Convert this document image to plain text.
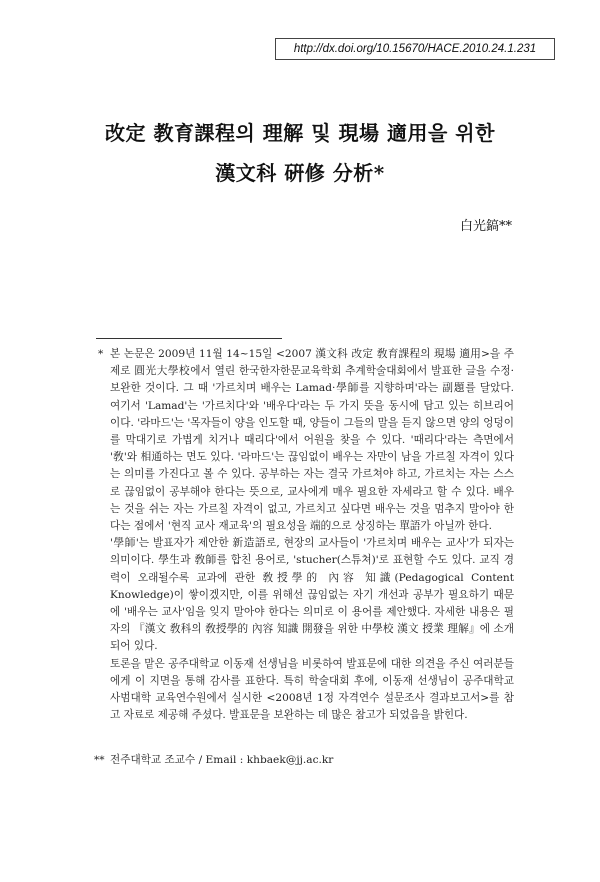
http://dx.doi.org/10.15670/HACE.2010.24.1.231
改定 教育課程의 理解 및 現場 適用을 위한
漢文科 硏修 分析*
白光鎬**
* 본 논문은 2009년 11월 14~15일 <2007 漢文科 改定 敎育課程의 現場 適用>을 주제로 圓光大學校에서 열린 한국한자한문교육학회 추계학술대회에서 발표한 글을 수정·보완한 것이다. 그 때 '가르치며 배우는 Lamad·學師를 지향하며'라는 副題를 달았다. 여기서 'Lamad'는 '가르치다'와 '배우다'라는 두 가지 뜻을 동시에 담고 있는 히브리어이다. '라마드'는 '목자들이 양을 인도할 때, 양들이 그들의 말을 듣지 않으면 양의 엉덩이를 막대기로 가볍게 치거나 때리다'에서 어원을 찾을 수 있다. '때리다'라는 측면에서 '敎'와 相通하는 면도 있다. '라마드'는 끊임없이 배우는 자만이 남을 가르칠 자격이 있다는 의미를 가진다고 볼 수 있다. 공부하는 자는 결국 가르쳐야 하고, 가르치는 자는 스스로 끊임없이 공부해야 한다는 뜻으로, 교사에게 매우 필요한 자세라고 할 수 있다. 배우는 것을 쉬는 자는 가르칠 자격이 없고, 가르치고 싶다면 배우는 것을 멈추지 말아야 한다는 점에서 '현직 교사 재교육'의 필요성을 端的으로 상징하는 單語가 아닐까 한다.

'學師'는 발표자가 제안한 新造語로, 현장의 교사들이 '가르치며 배우는 교사'가 되자는 의미이다. 學生과 敎師를 합친 용어로, 'stucher(스튜쳐)'로 표현할 수도 있다. 교직 경력이 오래될수록 교과에 관한 敎授學的 內容 知識(Pedagogical Content Knowledge)이 쌓이겠지만, 이를 위해선 끊임없는 자기 개선과 공부가 필요하기 때문에 '배우는 교사'임을 잊지 말아야 한다는 의미로 이 용어를 제안했다. 자세한 내용은 필자의 『漢文 敎科의 敎授學的 內容 知識 開發을 위한 中學校 漢文 授業 理解』에 소개되어 있다.

토론을 맡은 공주대학교 이동재 선생님을 비롯하여 발표문에 대한 의견을 주신 여러분들에게 이 지면을 통해 감사를 표한다. 특히 학술대회 후에, 이동재 선생님이 공주대학교 사범대학 교육연수원에서 실시한 <2008년 1정 자격연수 설문조사 결과보고서>를 참고 자료로 제공해 주셨다. 발표문을 보완하는 데 많은 참고가 되었음을 밝힌다.

** 전주대학교 조교수 / Email : khbaek@jj.ac.kr
